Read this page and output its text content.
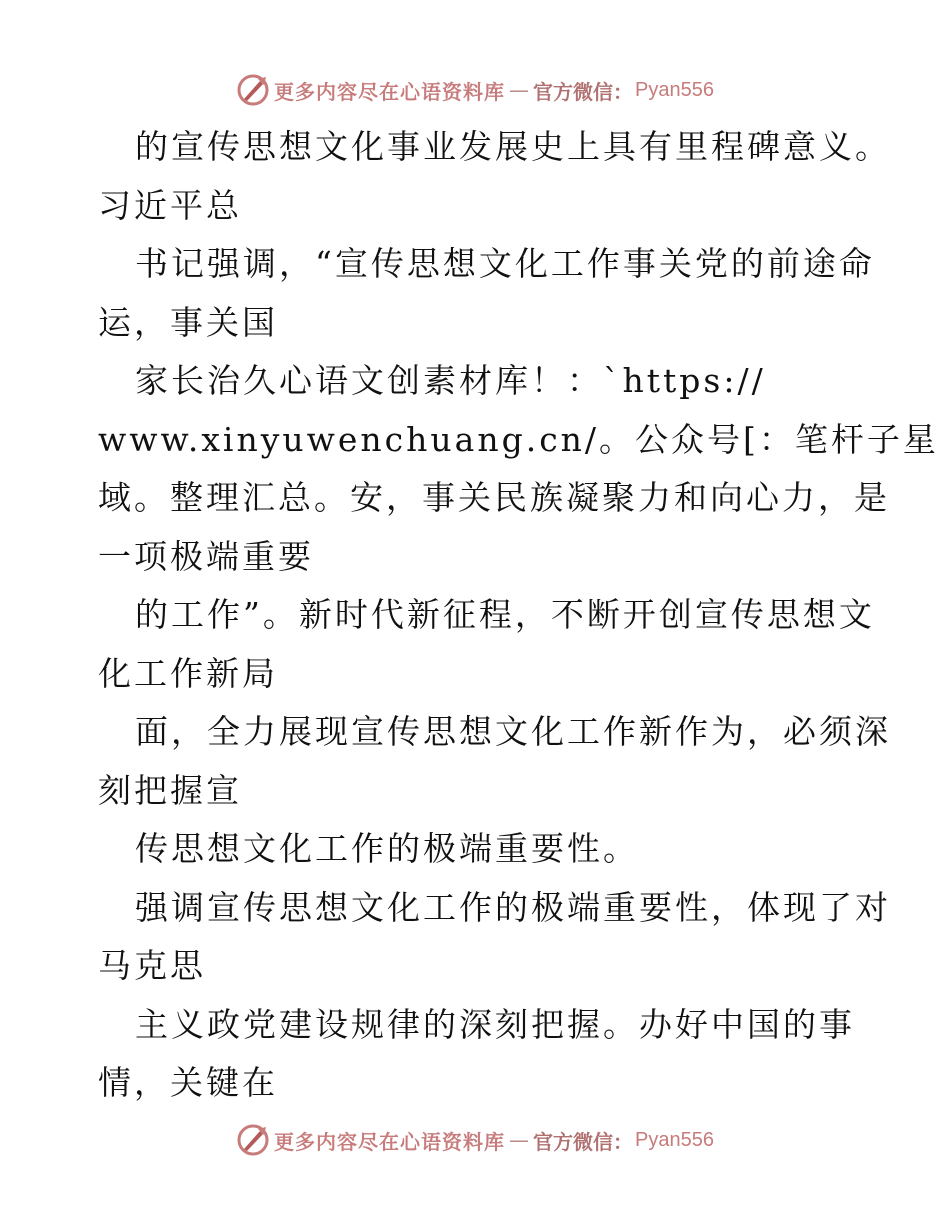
更多内容尽在心语资料库 — 官方微信： Pyan556
的宣传思想文化事业发展史上具有里程碑意义。
习近平总
书记强调，“宣传思想文化工作事关党的前途命
运，事关国
家长治久心语文创素材库！：`https://
www.xinyuwenchuang.cn/。公众号[：笔杆子星
域。整理汇总。安，事关民族凝聚力和向心力，是
一项极端重要
的工作”。新时代新征程，不断开创宣传思想文
化工作新局
面，全力展现宣传思想文化工作新作为，必须深
刻把握宣
传思想文化工作的极端重要性。
强调宣传思想文化工作的极端重要性，体现了对
马克思
主义政党建设规律的深刻把握。办好中国的事
情，关键在
更多内容尽在心语资料库 — 官方微信： Pyan556
